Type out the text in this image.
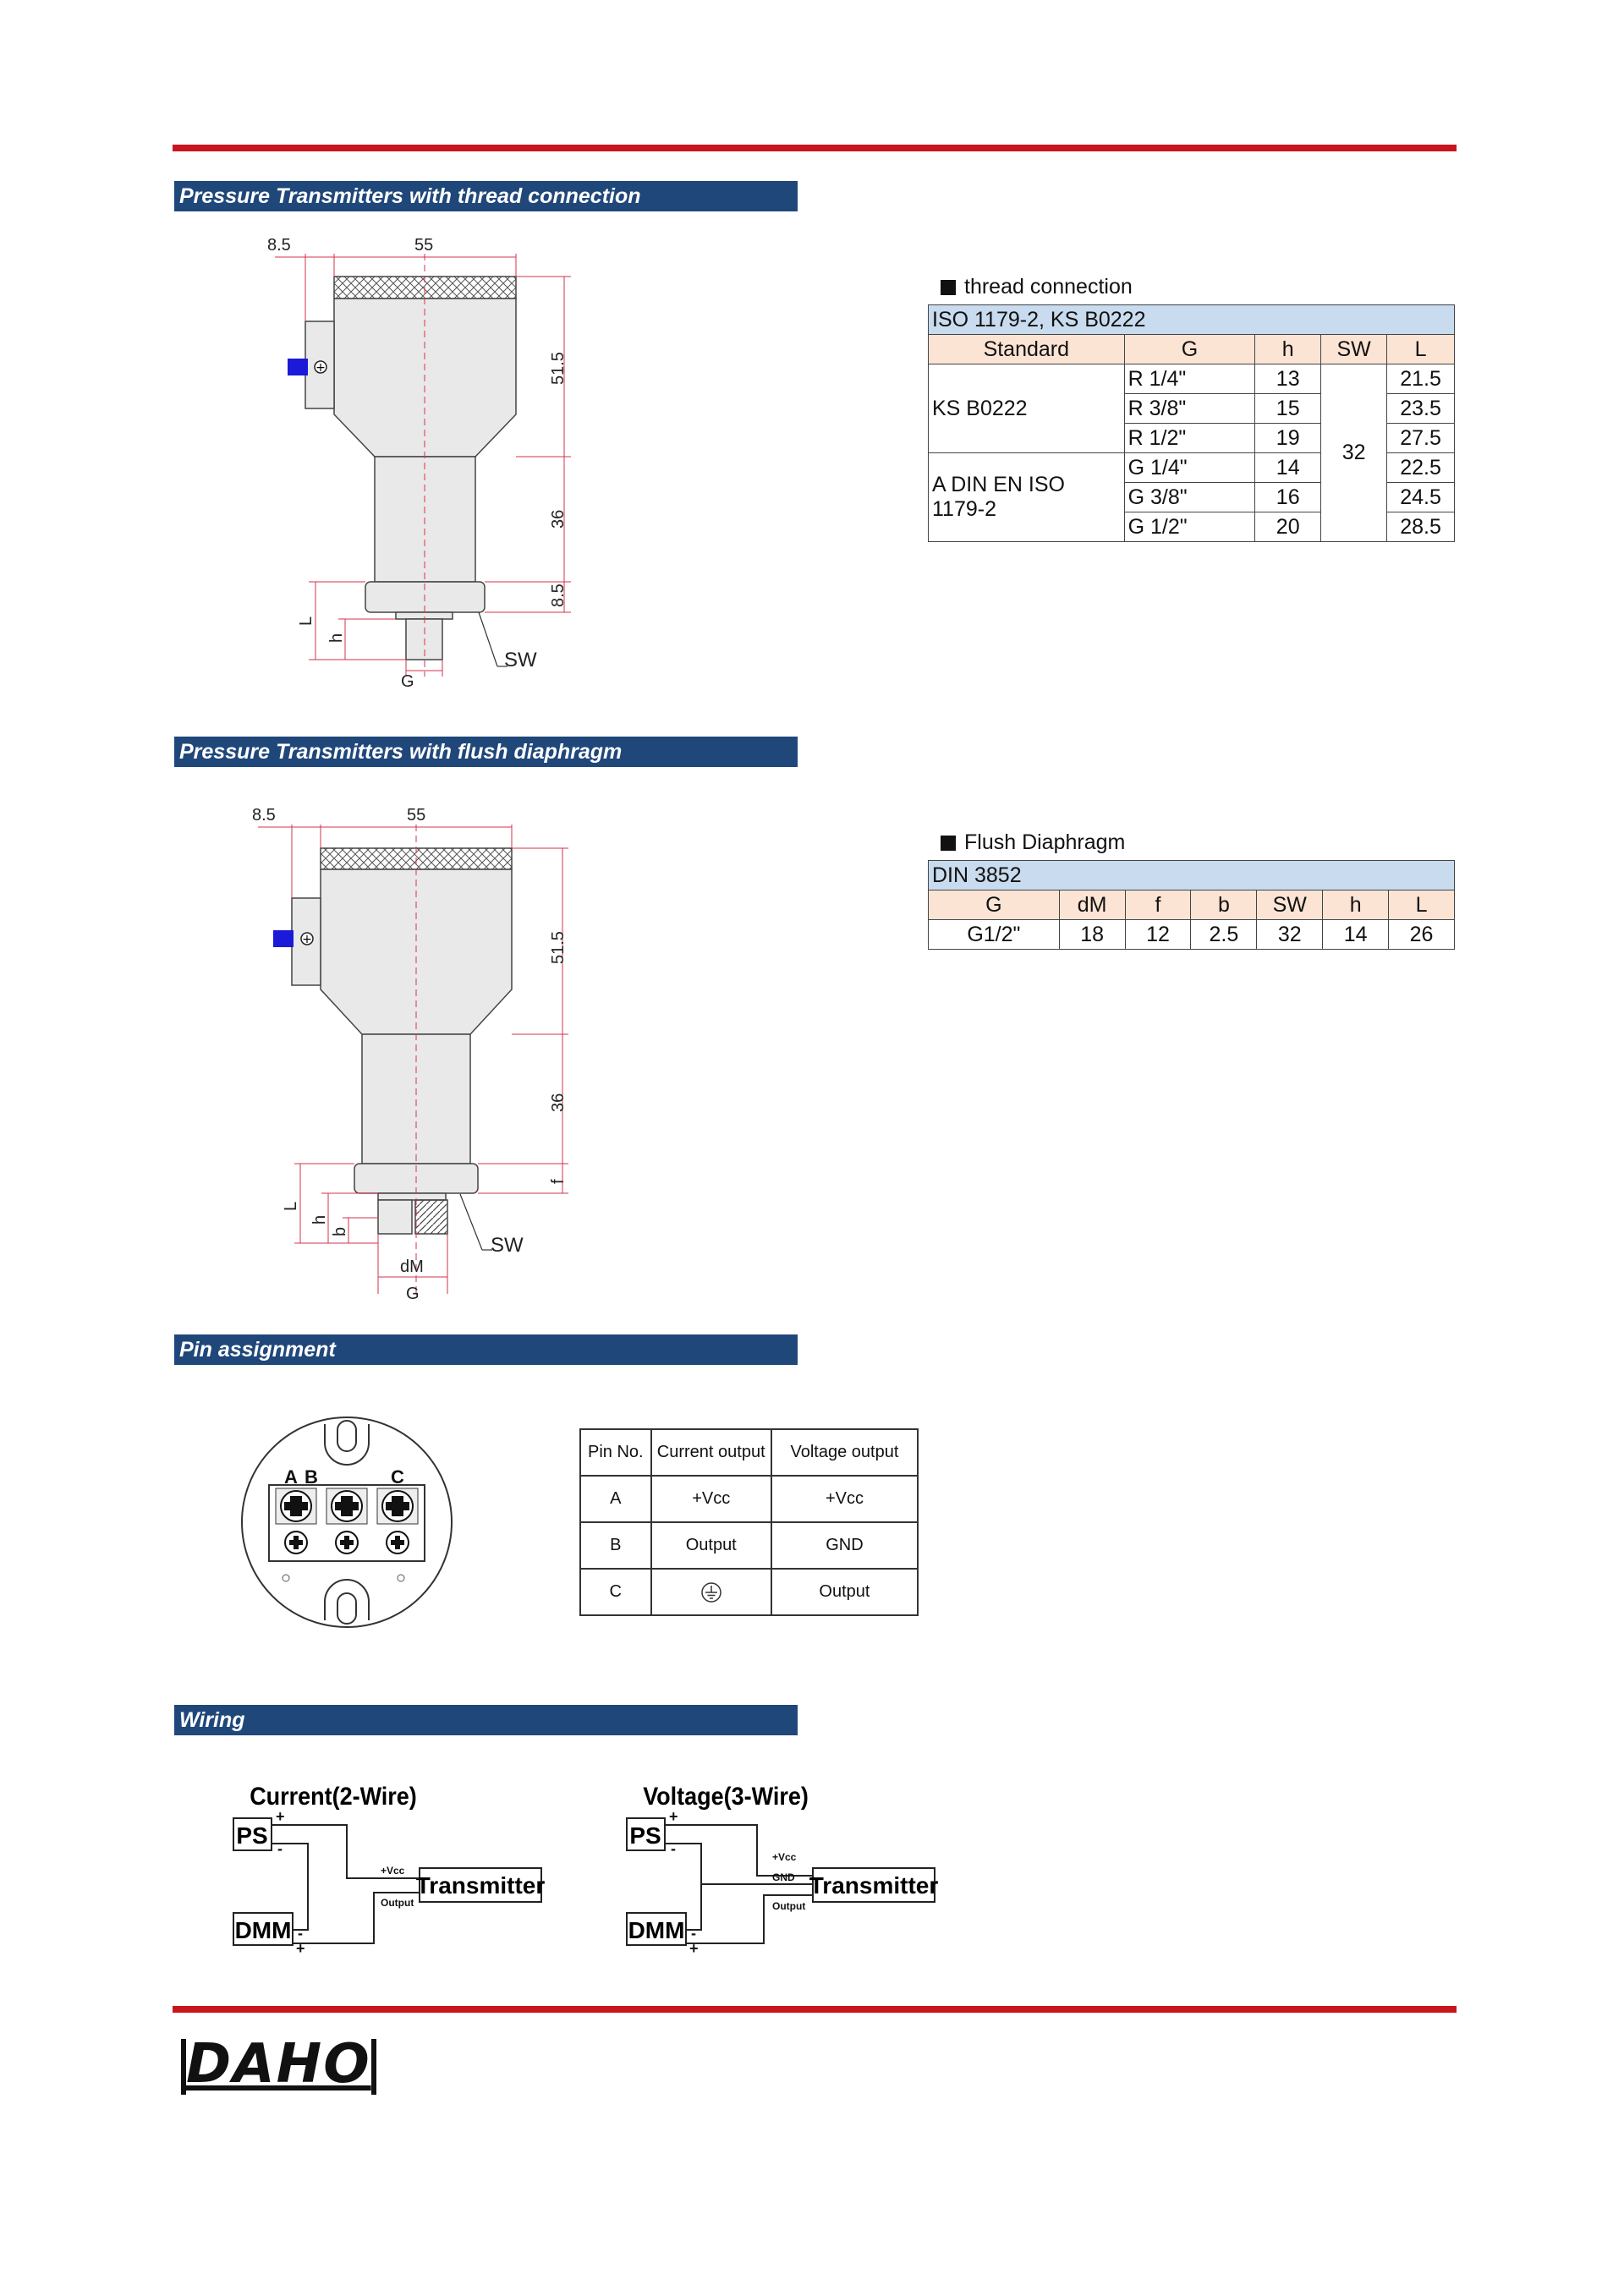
Pressure Transmitters with thread connection
Pressure Transmitters with flush diaphragm
Pin assignment
Wiring
+
8.5	55
51.5
36
8.5
L
h
G
SW
+
8.5	55
51.5
36
f
L
h
b
dM
G
SW
thread connection
ISO 1179-2, KS B0222				
Standard	G	h	SW	L
KS B0222	R 1/4"	13	32	21.5
	R 3/8"	15		23.5
	R 1/2"	19		27.5
A DIN EN ISO 1179-2	G 1/4"	14		22.5
	G 3/8"	16		24.5
	G 1/2"	20		28.5
Flush Diaphragm
DIN 3852						
G	dM	f	b	SW	h	L
G1/2"	18	12	2.5	32	14	26
A B	C
Pin No.	Current output	Voltage output
A	+Vcc	+Vcc
B	Output	GND
C		Output
Current(2-Wire)
PS
DMM
Transmitter
+
-
-
+
+Vcc
Output
Voltage(3-Wire)
PS
DMM
Transmitter
+
-
-
+
+Vcc
GND
Output
DAHO
